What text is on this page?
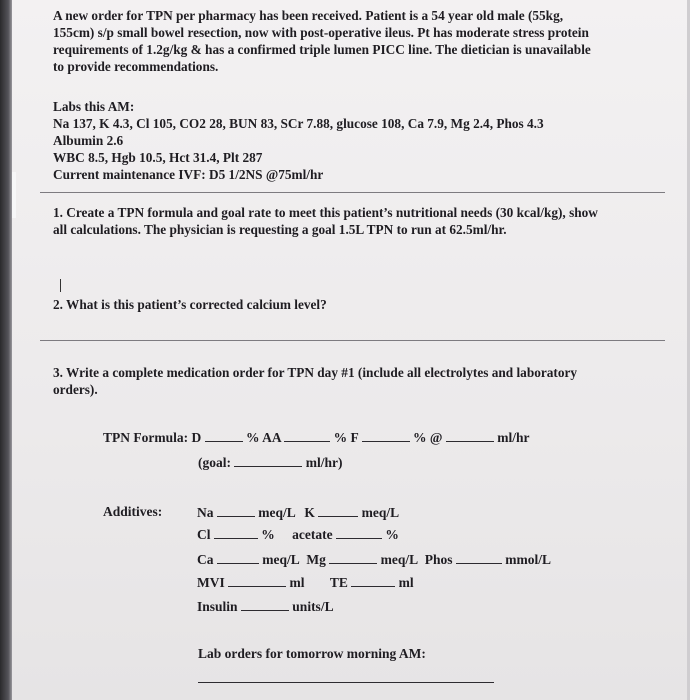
A new order for TPN per pharmacy has been received. Patient is a 54 year old male (55kg,

155cm) s/p small bowel resection, now with post-operative ileus. Pt has moderate stress protein

requirements of 1.2g/kg & has a confirmed triple lumen PICC line. The dietician is unavailable

to provide recommendations.

Labs this AM:

Na 137, K 4.3, Cl 105, CO2 28, BUN 83, SCr 7.88, glucose 108, Ca 7.9, Mg 2.4, Phos 4.3

Albumin 2.6

WBC 8.5, Hgb 10.5, Hct 31.4, Plt 287

Current maintenance IVF: D5 1/2NS @75ml/hr

1. Create a TPN formula and goal rate to meet this patient’s nutritional needs (30 kcal/kg), show

all calculations. The physician is requesting a goal 1.5L TPN to run at 62.5ml/hr.

2. What is this patient’s corrected calcium level?

3. Write a complete medication order for TPN day #1 (include all electrolytes and laboratory

orders).

TPN Formula: D	% AA	% F	% @	ml/hr
(goal:	ml/hr)
Additives:	Na	meq/L K	meq/L
Cl	% acetate	%
Ca	meq/L Mg	meq/L Phos	mmol/L
MVI	ml TE	ml
Insulin	units/L
Lab orders for tomorrow morning AM:
